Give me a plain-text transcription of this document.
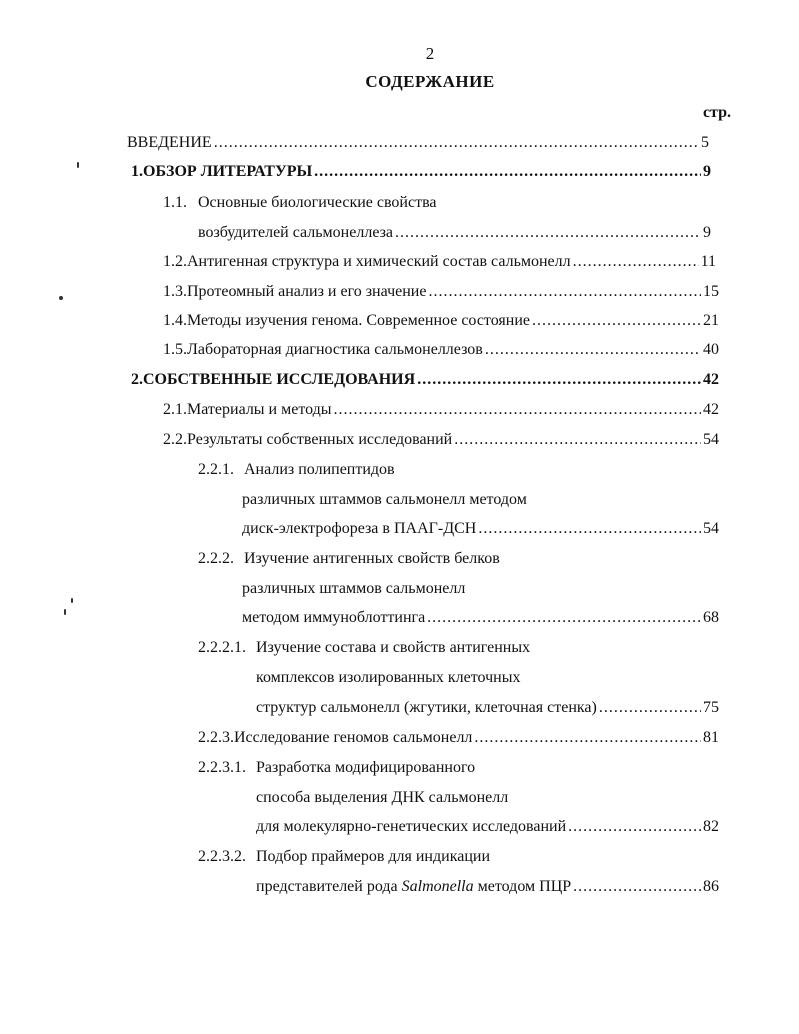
2
СОДЕРЖАНИЕ
стр.
ВВЕДЕНИЕ .....	5
1. ОБЗОР ЛИТЕРАТУРЫ .....	9
1.1. Основные биологические свойства
возбудителей сальмонеллеза .....	9
1.2. Антигенная структура и химический состав сальмонелл .....	11
1.3. Протеомный анализ и его значение .....	15
1.4. Методы изучения генома. Современное состояние .....	21
1.5. Лабораторная диагностика сальмонеллезов .....	40
2. СОБСТВЕННЫЕ ИССЛЕДОВАНИЯ .....	42
2.1. Материалы и методы .....	42
2.2. Результаты собственных исследований .....	54
2.2.1. Анализ полипептидов
различных штаммов сальмонелл методом
диск-электрофореза в ПААГ-ДСН .....	54
2.2.2. Изучение антигенных свойств белков
различных штаммов сальмонелл
методом иммуноблоттинга .....	68
2.2.2.1. Изучение состава и свойств антигенных
комплексов изолированных клеточных
структур сальмонелл (жгутики, клеточная стенка) .....	75
2.2.3. Исследование геномов сальмонелл .....	81
2.2.3.1. Разработка модифицированного
способа выделения ДНК сальмонелл
для молекулярно-генетических исследований .....	82
2.2.3.2. Подбор праймеров для индикации
представителей рода Salmonella методом ПЦР .....	86
